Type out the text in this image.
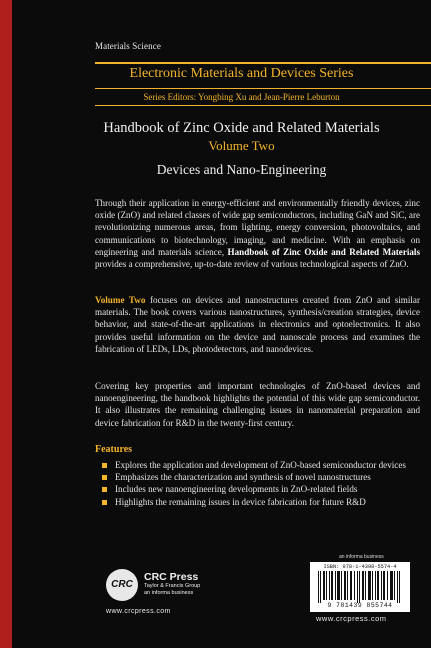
Materials Science
Electronic Materials and Devices Series
Series Editors: Yongbing Xu and Jean-Pierre Leburton
Handbook of Zinc Oxide and Related Materials
Volume Two
Devices and Nano-Engineering
Through their application in energy-efficient and environmentally friendly devices, zinc oxide (ZnO) and related classes of wide gap semiconductors, including GaN and SiC, are revolutionizing numerous areas, from lighting, energy conversion, photovoltaics, and communications to biotechnology, imaging, and medicine. With an emphasis on engineering and materials science, Handbook of Zinc Oxide and Related Materials provides a comprehensive, up-to-date review of various technological aspects of ZnO.
Volume Two focuses on devices and nanostructures created from ZnO and similar materials. The book covers various nanostructures, synthesis/creation strategies, device behavior, and state-of-the-art applications in electronics and optoelectronics. It also provides useful information on the device and nanoscale process and examines the fabrication of LEDs, LDs, photodetectors, and nanodevices.
Covering key properties and important technologies of ZnO-based devices and nanoengineering, the handbook highlights the potential of this wide gap semiconductor. It also illustrates the remaining challenging issues in nanomaterial preparation and device fabrication for R&D in the twenty-first century.
Features
Explores the application and development of ZnO-based semiconductor devices
Emphasizes the characterization and synthesis of novel nanostructures
Includes new nanoengineering developments in ZnO-related fields
Highlights the remaining issues in device fabrication for future R&D
CRC
CRC Press
Taylor & Francis Group
an informa business
www.crcpress.com
an informa business
ISBN: 978-1-4398-5574-4
9 781439 855744
www.crcpress.com
